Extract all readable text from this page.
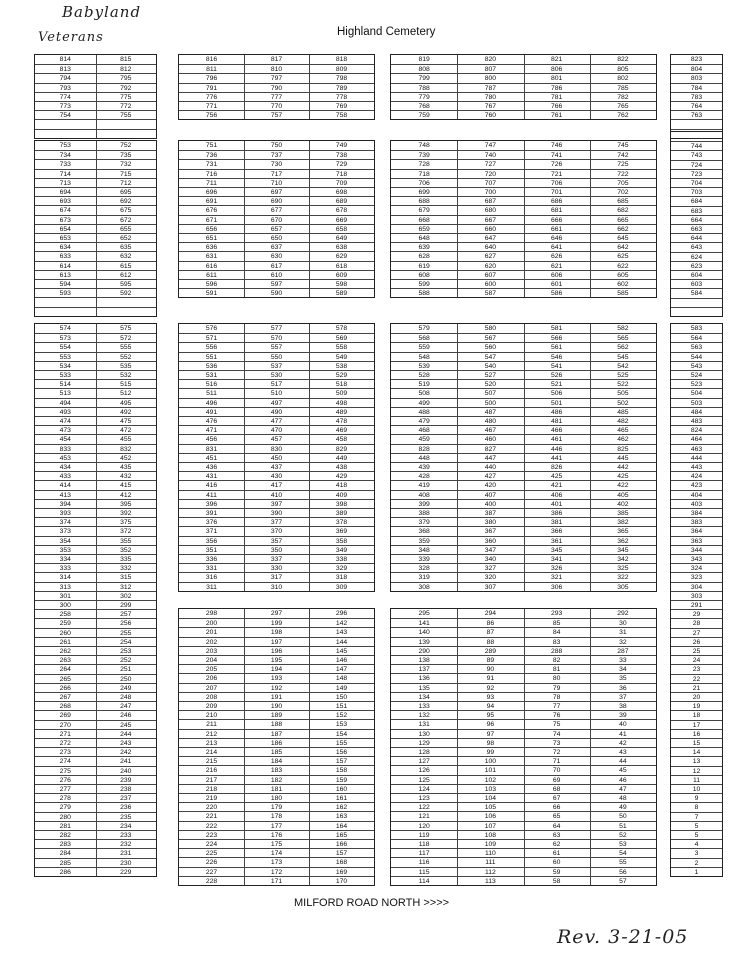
Babyland
Veterans	Highland Cemetery
814	815
813	812
794	795
793	792
774	775
773	772
754	755
816	817	818
811	810	809
796	797	798
791	790	789
776	777	778
771	770	769
756	757	758
819	820	821	822
808	807	806	805
799	800	801	802
788	787	786	785
779	780	781	782
768	767	766	765
759	760	761	762
823
804
803
784
783
764
763
753	752
734	735
733	732
714	715
713	712
694	695
693	692
674	675
673	672
654	655
653	652
634	635
633	632
614	615
613	612
594	595
593	592
751	750	749
736	737	738
731	730	729
716	717	718
711	710	709
696	697	698
691	690	689
676	677	678
671	670	669
656	657	658
651	650	649
636	637	638
631	630	629
616	617	618
611	610	609
596	597	598
591	590	589
748	747	746	745
739	740	741	742
728	727	726	725
718	720	721	722
706	707	706	705
699	700	701	702
688	687	686	685
679	680	681	682
668	667	666	665
659	660	661	662
648	647	646	645
639	640	641	642
628	627	626	625
619	620	621	622
608	607	606	605
599	600	601	602
588	587	586	585
744
743
724
723
704
703
684
683
664
663
644
643
624
623
604
603
584
574	575
573	572
554	555
553	552
534	535
533	532
514	515
513	512
494	495
493	492
474	475
473	472
454	455
833	832
453	452
434	435
433	432
414	415
413	412
394	395
393	392
374	375
373	372
354	355
353	352
334	335
333	332
314	315
313	312
301	302
300	299
258	257
259	256
260	255
261	254
262	253
263	252
264	251
265	250
266	249
267	248
268	247
269	246
270	245
271	244
272	243
273	242
274	241
275	240
276	239
277	238
278	237
279	236
280	235
281	234
282	233
283	232
284	231
285	230
286	229
576	577	578
571	570	569
556	557	558
551	550	549
536	537	538
531	530	529
516	517	518
511	510	509
496	497	498
491	490	489
476	477	478
471	470	469
456	457	458
831	830	829
451	450	449
436	437	438
431	430	429
416	417	418
411	410	409
396	397	398
391	390	389
376	377	378
371	370	369
356	357	358
351	350	349
336	337	338
331	330	329
316	317	318
311	310	309
579	580	581	582
568	567	566	565
559	560	561	562
548	547	546	545
539	540	541	542
528	527	526	525
519	520	521	522
508	507	506	505
499	500	501	502
488	487	486	485
479	480	481	482
468	467	466	465
459	460	461	462
828	827	446	825
448	447	441	445
439	440	826	442
428	427	425	425
419	420	421	422
408	407	406	405
399	400	401	402
388	387	386	385
379	380	381	382
368	367	366	365
359	360	361	362
348	347	345	345
339	340	341	342
328	327	326	325
319	320	321	322
308	307	306	305
583
564
563
544
543
524
523
504
503
484
483
824
464
463
444
443
424
423
404
403
384
383
364
363
344
343
324
323
304
303
291
29
28
27
26
25
24
23
22
21
20
19
18
17
16
15
14
13
12
11
10
9
8
7
5
5
4
3
2
1
298	297	296
200	199	142
201	198	143
202	197	144
203	196	145
204	195	146
205	194	147
206	193	148
207	192	149
208	191	150
209	190	151
210	189	152
211	188	153
212	187	154
213	186	155
214	185	156
215	184	157
216	183	158
217	182	159
218	181	160
219	180	161
220	179	162
221	178	163
222	177	164
223	176	165
224	175	166
225	174	157
226	173	168
227	172	169
228	171	170
295	294	293	292
141	86	85	30
140	87	84	31
139	88	83	32
290	289	288	287
138	89	82	33
137	90	81	34
136	91	80	35
135	92	79	36
134	93	78	37
133	94	77	38
132	95	76	39
131	96	75	40
130	97	74	41
129	98	73	42
128	99	72	43
127	100	71	44
126	101	70	45
125	102	69	46
124	103	68	47
123	104	67	48
122	105	66	49
121	106	65	50
120	107	64	51
119	108	63	52
118	109	62	53
117	110	61	54
116	111	60	55
115	112	59	56
114	113	58	57
MILFORD ROAD NORTH >>>>
Rev. 3-21-05
